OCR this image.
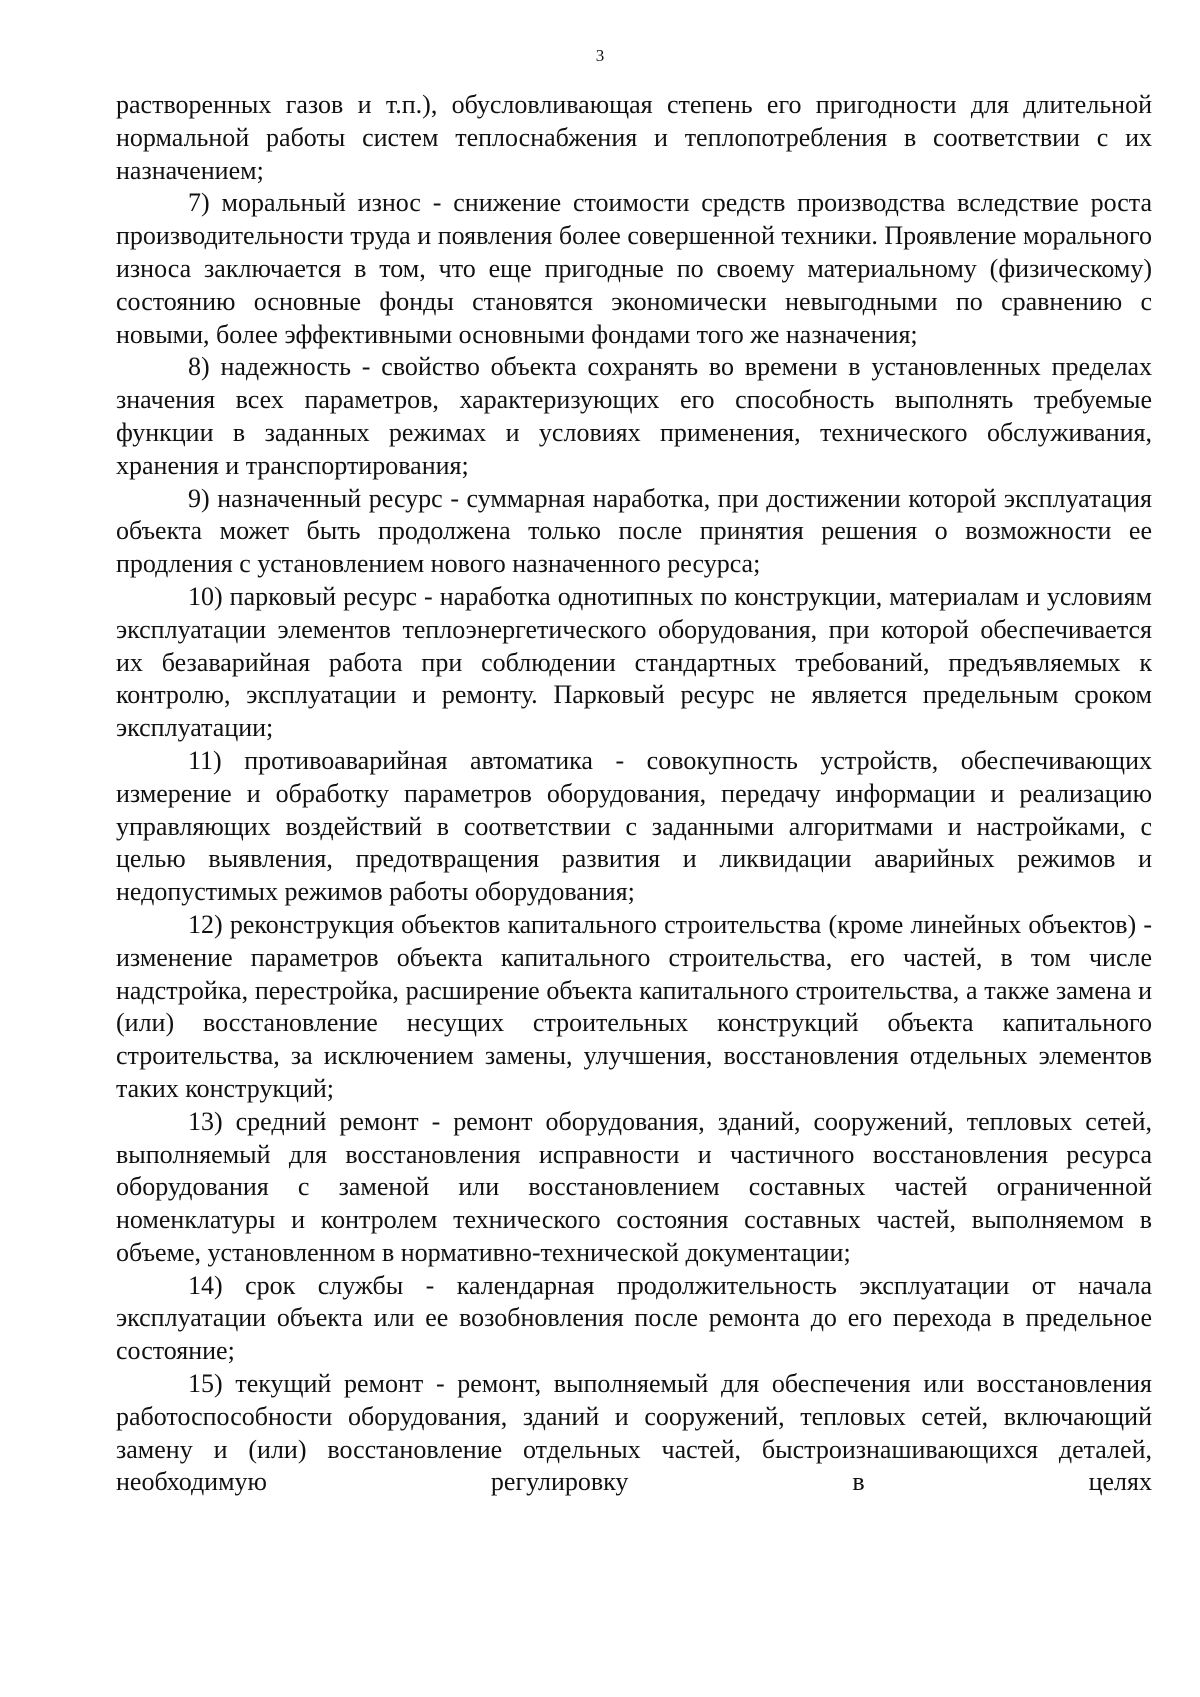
3

растворенных газов и т.п.), обусловливающая степень его пригодности для длительной нормальной работы систем теплоснабжения и теплопотребления в соответствии с их назначением;

7) моральный износ - снижение стоимости средств производства вследствие роста производительности труда и появления более совершенной техники. Проявление морального износа заключается в том, что еще пригодные по своему материальному (физическому) состоянию основные фонды становятся экономически невыгодными по сравнению с новыми, более эффективными основными фондами того же назначения;

8) надежность - свойство объекта сохранять во времени в установленных пределах значения всех параметров, характеризующих его способность выполнять требуемые функции в заданных режимах и условиях применения, технического обслуживания, хранения и транспортирования;

9) назначенный ресурс - суммарная наработка, при достижении которой эксплуатация объекта может быть продолжена только после принятия решения о возможности ее продления с установлением нового назначенного ресурса;

10) парковый ресурс - наработка однотипных по конструкции, материалам и условиям эксплуатации элементов теплоэнергетического оборудования, при которой обеспечивается их безаварийная работа при соблюдении стандартных требований, предъявляемых к контролю, эксплуатации и ремонту. Парковый ресурс не является предельным сроком эксплуатации;

11) противоаварийная автоматика - совокупность устройств, обеспечивающих измерение и обработку параметров оборудования, передачу информации и реализацию управляющих воздействий в соответствии с заданными алгоритмами и настройками, с целью выявления, предотвращения развития и ликвидации аварийных режимов и недопустимых режимов работы оборудования;

12) реконструкция объектов капитального строительства (кроме линейных объектов) - изменение параметров объекта капитального строительства, его частей, в том числе надстройка, перестройка, расширение объекта капитального строительства, а также замена и (или) восстановление несущих строительных конструкций объекта капитального строительства, за исключением замены, улучшения, восстановления отдельных элементов таких конструкций;

13) средний ремонт - ремонт оборудования, зданий, сооружений, тепловых сетей, выполняемый для восстановления исправности и частичного восстановления ресурса оборудования с заменой или восстановлением составных частей ограниченной номенклатуры и контролем технического состояния составных частей, выполняемом в объеме, установленном в нормативно-технической документации;

14) срок службы - календарная продолжительность эксплуатации от начала эксплуатации объекта или ее возобновления после ремонта до его перехода в предельное состояние;

15) текущий ремонт - ремонт, выполняемый для обеспечения или восстановления работоспособности оборудования, зданий и сооружений, тепловых сетей, включающий замену и (или) восстановление отдельных частей, быстроизнашивающихся деталей, необходимую регулировку в целях
